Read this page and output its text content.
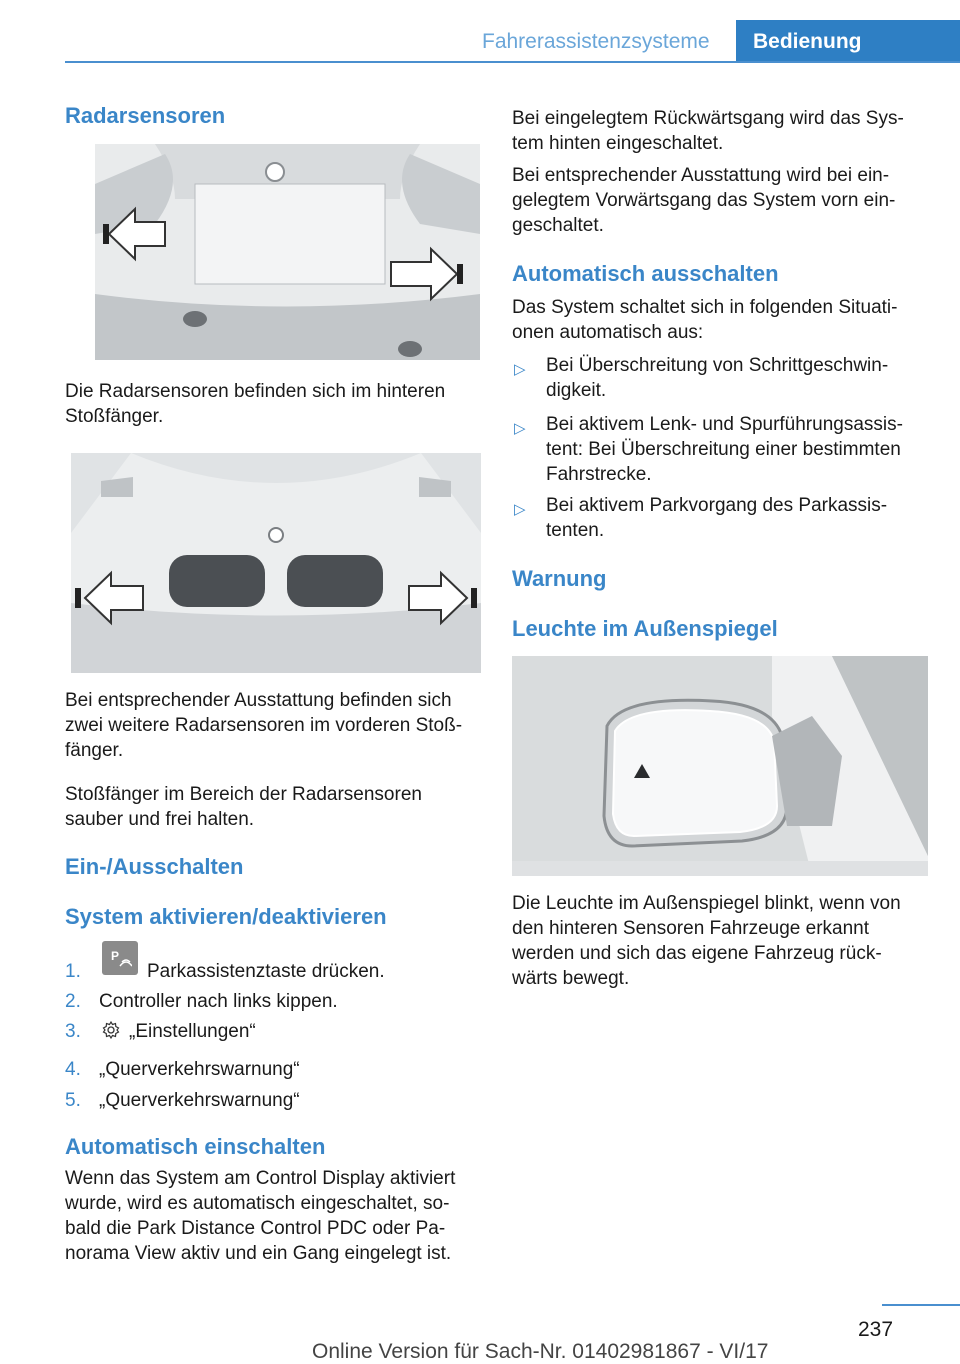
Fahrerassistenzsysteme Bedienung
Radarsensoren

Die Radarsensoren befinden sich im hinteren

Stoßfänger.

Bei entsprechender Ausstattung befinden sich

zwei weitere Radarsensoren im vorderen Stoß‐

fänger.

Stoßfänger im Bereich der Radarsensoren

sauber und frei halten.

Ein-/Ausschalten
System aktivieren/deaktivieren
1.
P
Parkassistenztaste drücken.
2. Controller nach links kippen.
3.	„Einstellungen“
4. „Querverkehrswarnung“
5. „Querverkehrswarnung“
Automatisch einschalten

Wenn das System am Control Display aktiviert

wurde, wird es automatisch eingeschaltet, so‐

bald die Park Distance Control PDC oder Pa‐

norama View aktiv und ein Gang eingelegt ist.

Bei eingelegtem Rückwärtsgang wird das Sys‐

tem hinten eingeschaltet.

Bei entsprechender Ausstattung wird bei ein‐

gelegtem Vorwärtsgang das System vorn ein‐

geschaltet.

Automatisch ausschalten

Das System schaltet sich in folgenden Situati‐

onen automatisch aus:

▷ Bei Überschreitung von Schrittgeschwin‐
digkeit.
▷ Bei aktivem Lenk- und Spurführungsassis‐
tent: Bei Überschreitung einer bestimmten
Fahrstrecke.
▷ Bei aktivem Parkvorgang des Parkassis‐
tenten.
Warnung
Leuchte im Außenspiegel

Die Leuchte im Außenspiegel blinkt, wenn von

den hinteren Sensoren Fahrzeuge erkannt

werden und sich das eigene Fahrzeug rück‐

wärts bewegt.

237
Online Version für Sach-Nr. 01402981867 - VI/17
